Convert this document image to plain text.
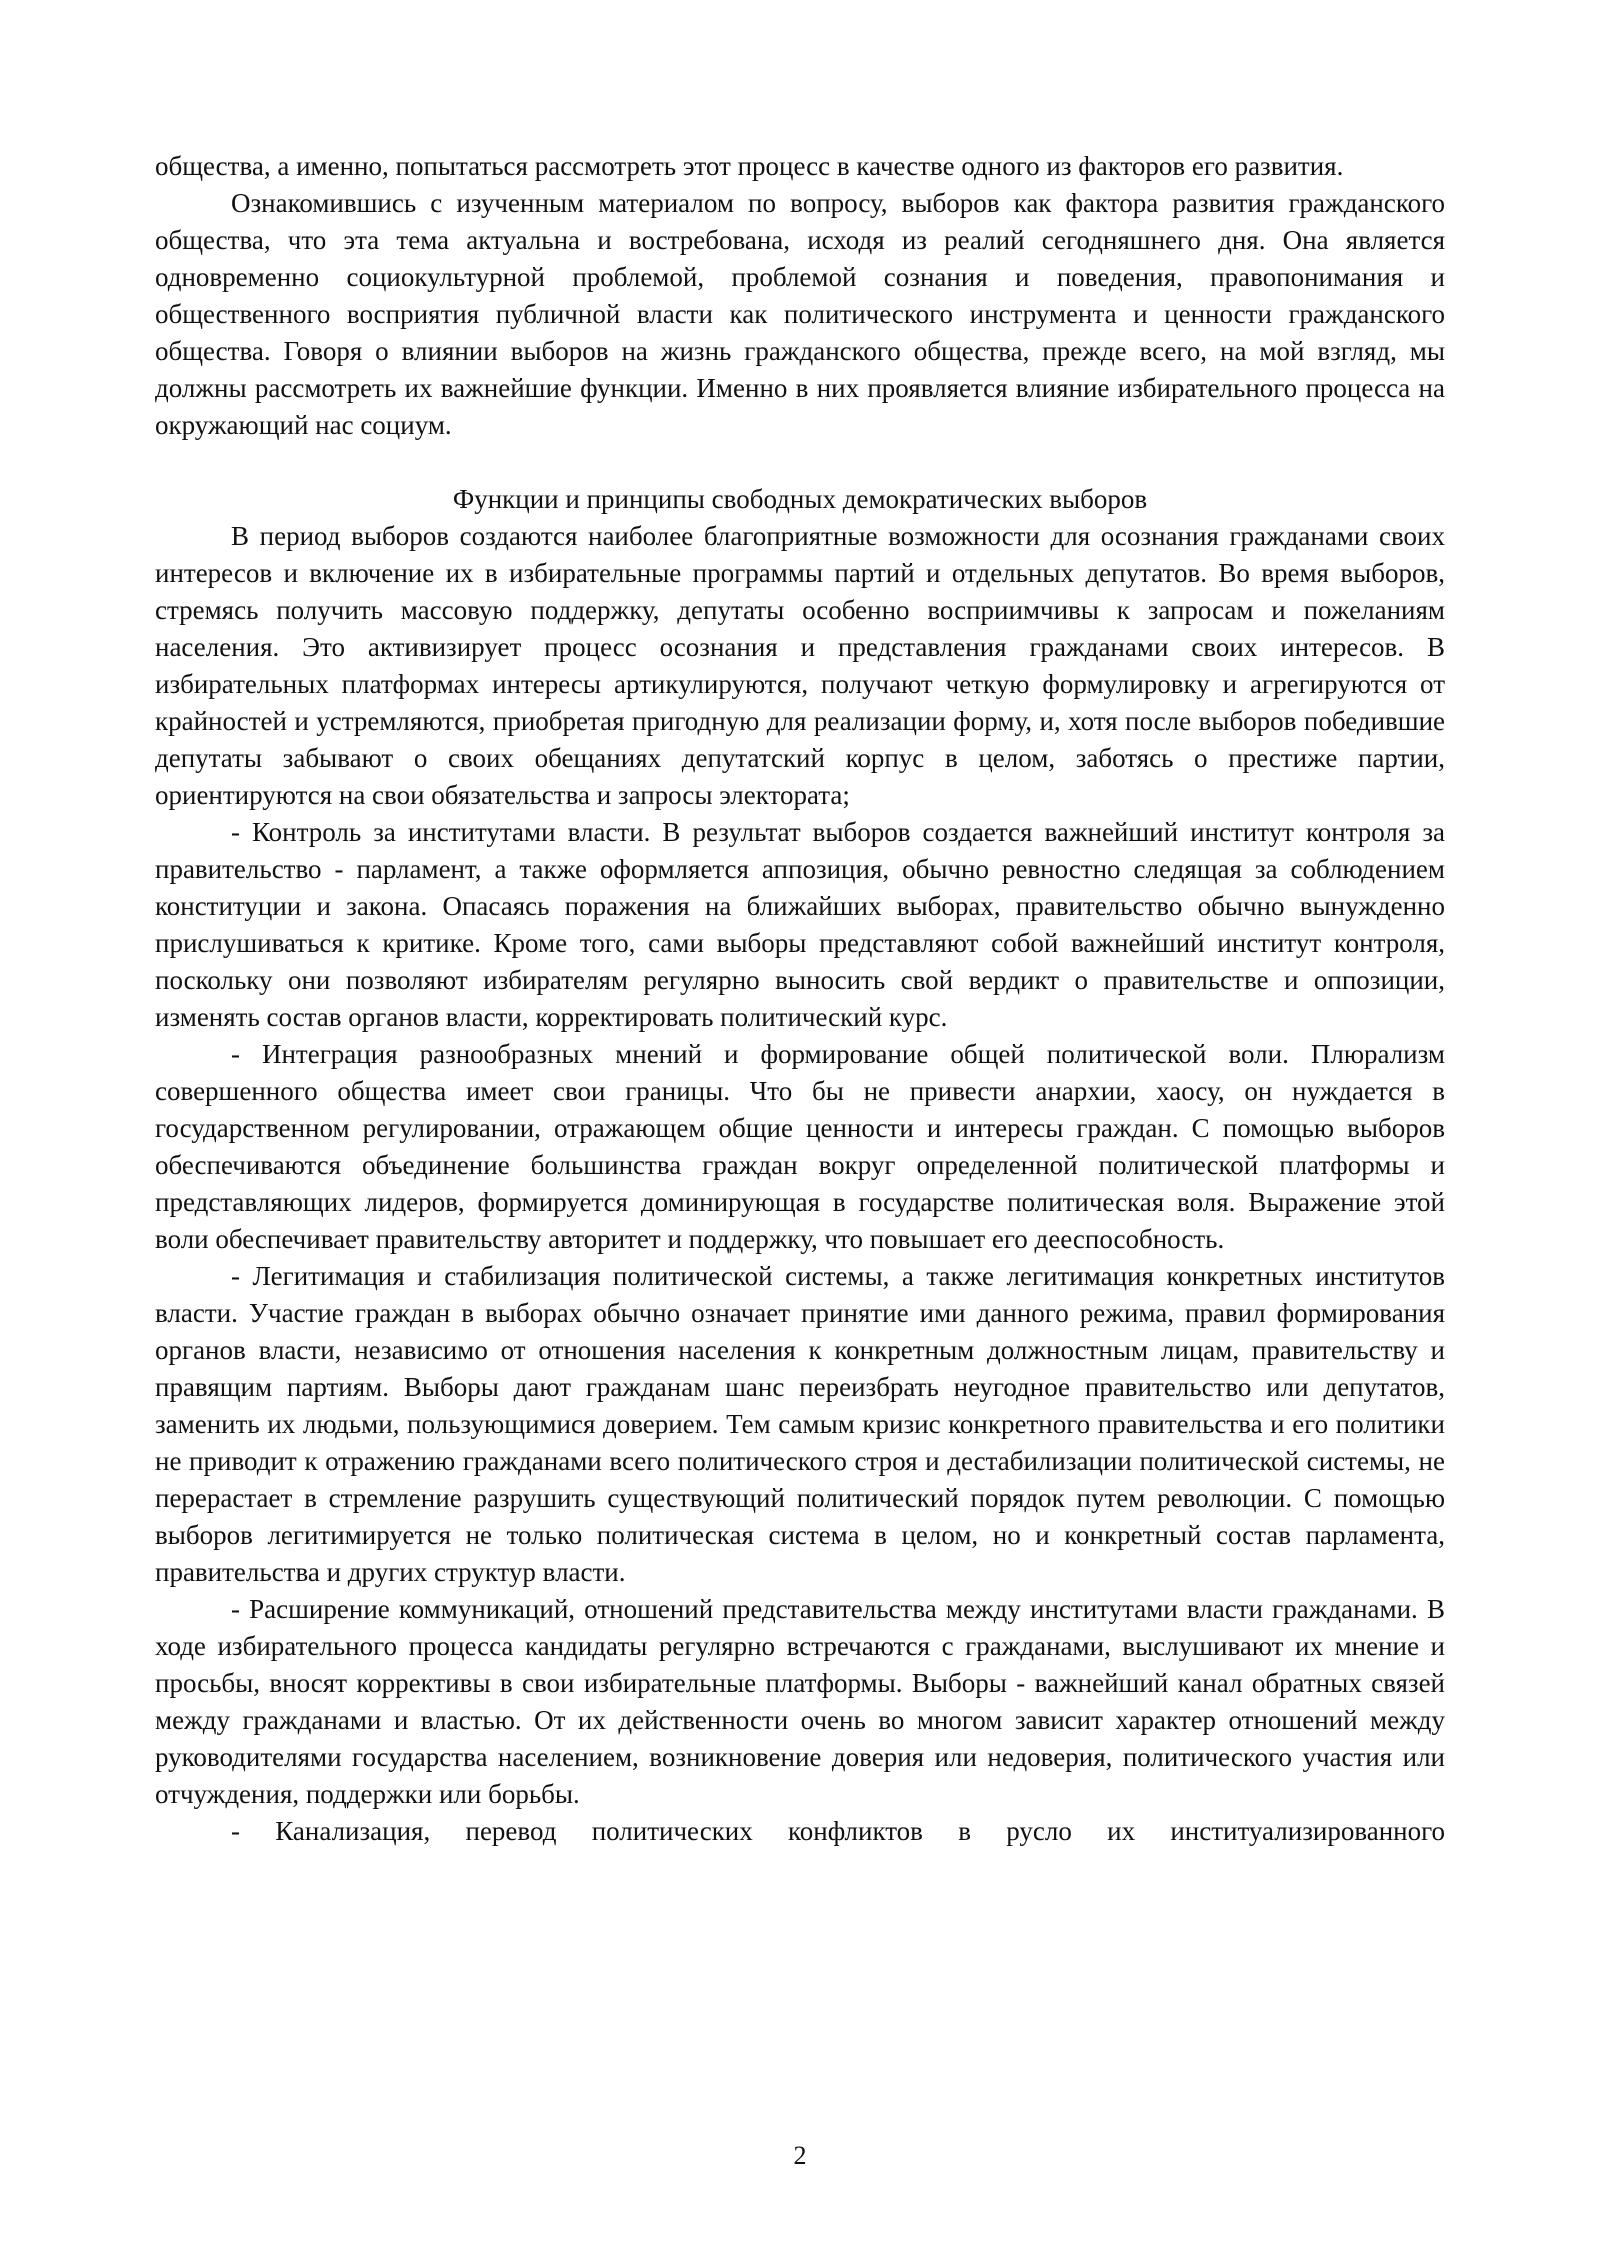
общества, а именно, попытаться рассмотреть этот процесс в качестве одного из факторов его развития.

Ознакомившись с изученным материалом по вопросу, выборов как фактора развития гражданского общества, что эта тема актуальна и востребована, исходя из реалий сегодняшнего дня. Она является одновременно социокультурной проблемой, проблемой сознания и поведения, правопонимания и общественного восприятия публичной власти как политического инструмента и ценности гражданского общества. Говоря о влиянии выборов на жизнь гражданского общества, прежде всего, на мой взгляд, мы должны рассмотреть их важнейшие функции. Именно в них проявляется влияние избирательного процесса на окружающий нас социум.

Функции и принципы свободных демократических выборов

В период выборов создаются наиболее благоприятные возможности для осознания гражданами своих интересов и включение их в избирательные программы партий и отдельных депутатов. Во время выборов, стремясь получить массовую поддержку, депутаты особенно восприимчивы к запросам и пожеланиям населения. Это активизирует процесс осознания и представления гражданами своих интересов. В избирательных платформах интересы артикулируются, получают четкую формулировку и агрегируются от крайностей и устремляются, приобретая пригодную для реализации форму, и, хотя после выборов победившие депутаты забывают о своих обещаниях депутатский корпус в целом, заботясь о престиже партии, ориентируются на свои обязательства и запросы электората;

- Контроль за институтами власти. В результат выборов создается важнейший институт контроля за правительство - парламент, а также оформляется аппозиция, обычно ревностно следящая за соблюдением конституции и закона. Опасаясь поражения на ближайших выборах, правительство обычно вынужденно прислушиваться к критике. Кроме того, сами выборы представляют собой важнейший институт контроля, поскольку они позволяют избирателям регулярно выносить свой вердикт о правительстве и оппозиции, изменять состав органов власти, корректировать политический курс.

- Интеграция разнообразных мнений и формирование общей политической воли. Плюрализм совершенного общества имеет свои границы. Что бы не привести анархии, хаосу, он нуждается в государственном регулировании, отражающем общие ценности и интересы граждан. С помощью выборов обеспечиваются объединение большинства граждан вокруг определенной политической платформы и представляющих лидеров, формируется доминирующая в государстве политическая воля. Выражение этой воли обеспечивает правительству авторитет и поддержку, что повышает его дееспособность.

- Легитимация и стабилизация политической системы, а также легитимация конкретных институтов власти. Участие граждан в выборах обычно означает принятие ими данного режима, правил формирования органов власти, независимо от отношения населения к конкретным должностным лицам, правительству и правящим партиям. Выборы дают гражданам шанс переизбрать неугодное правительство или депутатов, заменить их людьми, пользующимися доверием. Тем самым кризис конкретного правительства и его политики не приводит к отражению гражданами всего политического строя и дестабилизации политической системы, не перерастает в стремление разрушить существующий политический порядок путем революции. С помощью выборов легитимируется не только политическая система в целом, но и конкретный состав парламента, правительства и других структур власти.

- Расширение коммуникаций, отношений представительства между институтами власти гражданами. В ходе избирательного процесса кандидаты регулярно встречаются с гражданами, выслушивают их мнение и просьбы, вносят коррективы в свои избирательные платформы. Выборы - важнейший канал обратных связей между гражданами и властью. От их действенности очень во многом зависит характер отношений между руководителями государства населением, возникновение доверия или недоверия, политического участия или отчуждения, поддержки или борьбы.

- Канализация, перевод политических конфликтов в русло их институализированного

2
